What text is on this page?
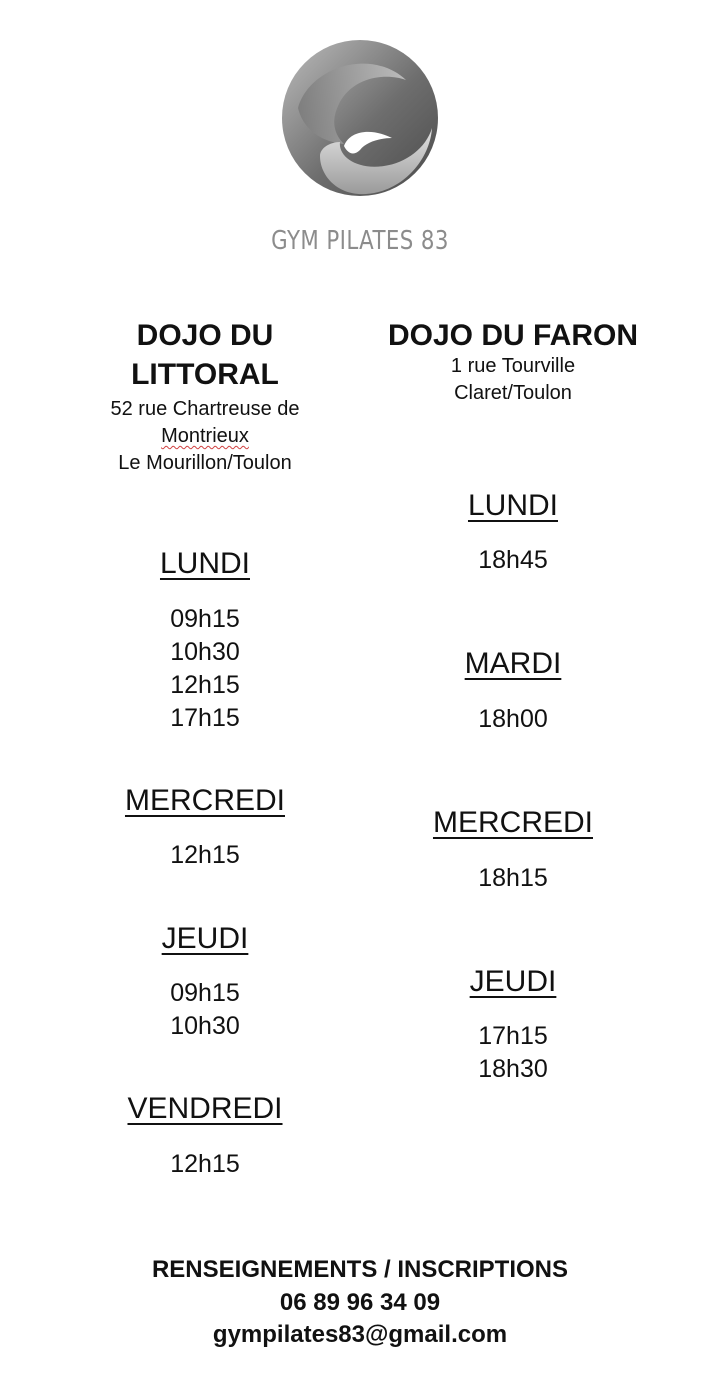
GYM PILATES 83
DOJO DU
LITTORAL
52 rue Chartreuse de
Montrieux
Le Mourillon/Toulon
DOJO DU FARON
1 rue Tourville
Claret/Toulon
LUNDI
09h15
10h30
12h15
17h15
MERCREDI
12h15
JEUDI
09h15
10h30
VENDREDI
12h15
LUNDI
18h45
MARDI
18h00
MERCREDI
18h15
JEUDI
17h15
18h30
RENSEIGNEMENTS / INSCRIPTIONS
06 89 96 34 09
gympilates83@gmail.com
